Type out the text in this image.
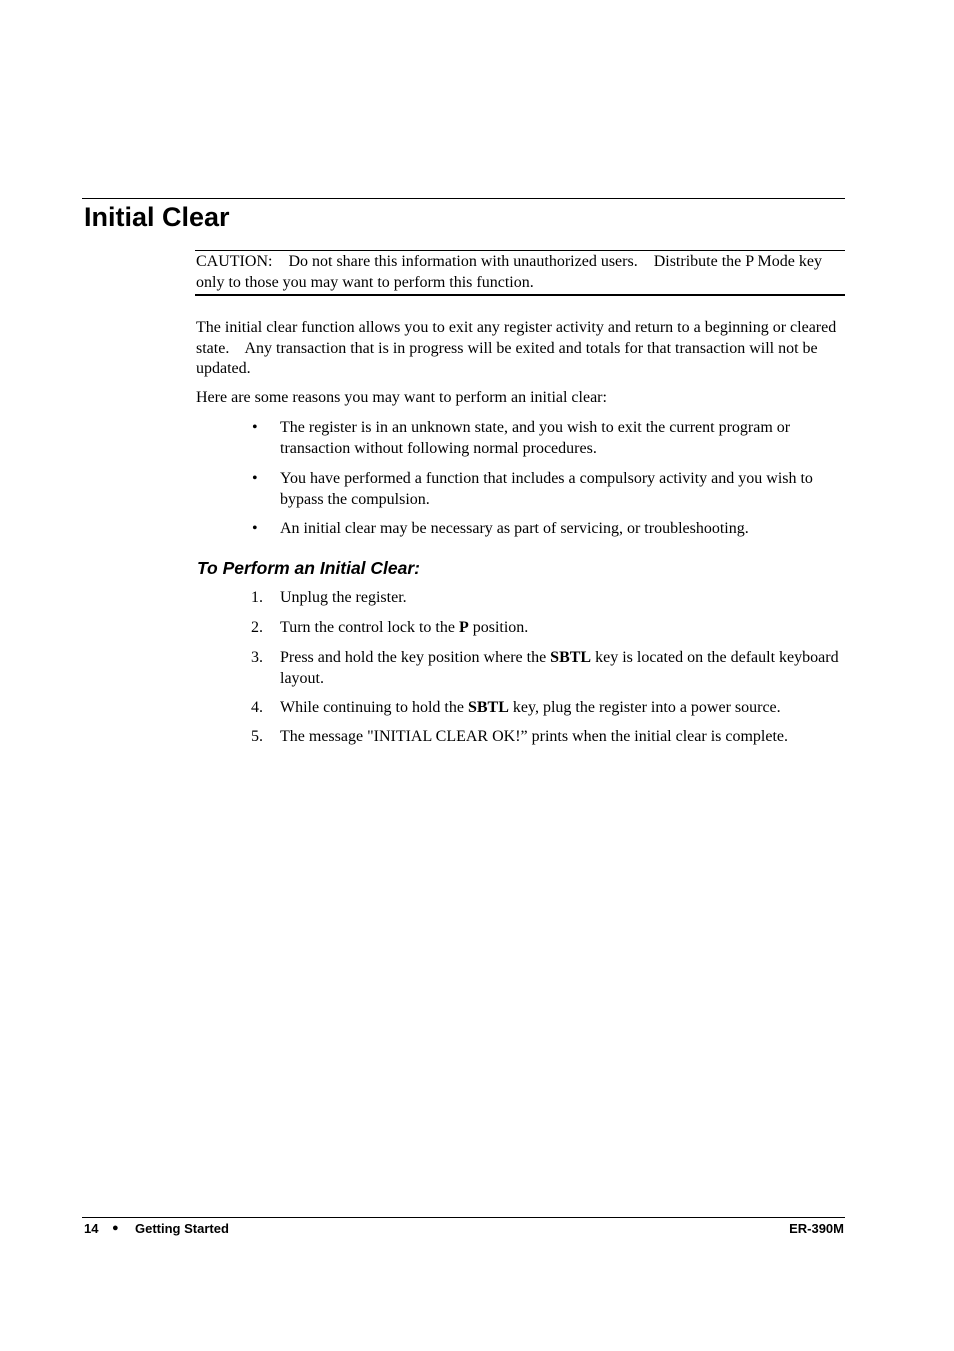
Initial Clear
CAUTION:    Do not share this information with unauthorized users.    Distribute the P Mode key only to those you may want to perform this function.

The initial clear function allows you to exit any register activity and return to a beginning or cleared state.    Any transaction that is in progress will be exited and totals for that transaction will not be updated.

Here are some reasons you may want to perform an initial clear:

• The register is in an unknown state, and you wish to exit the current program or transaction without following normal procedures.
• You have performed a function that includes a compulsory activity and you wish to bypass the compulsion.
• An initial clear may be necessary as part of servicing, or troubleshooting.
To Perform an Initial Clear:
1. Unplug the register.
2. Turn the control lock to the P position.
3. Press and hold the key position where the SBTL key is located on the default keyboard layout.
4. While continuing to hold the SBTL key, plug the register into a power source.
5. The message "INITIAL CLEAR OK!” prints when the initial clear is complete.
14 ● Getting Started	ER-390M
